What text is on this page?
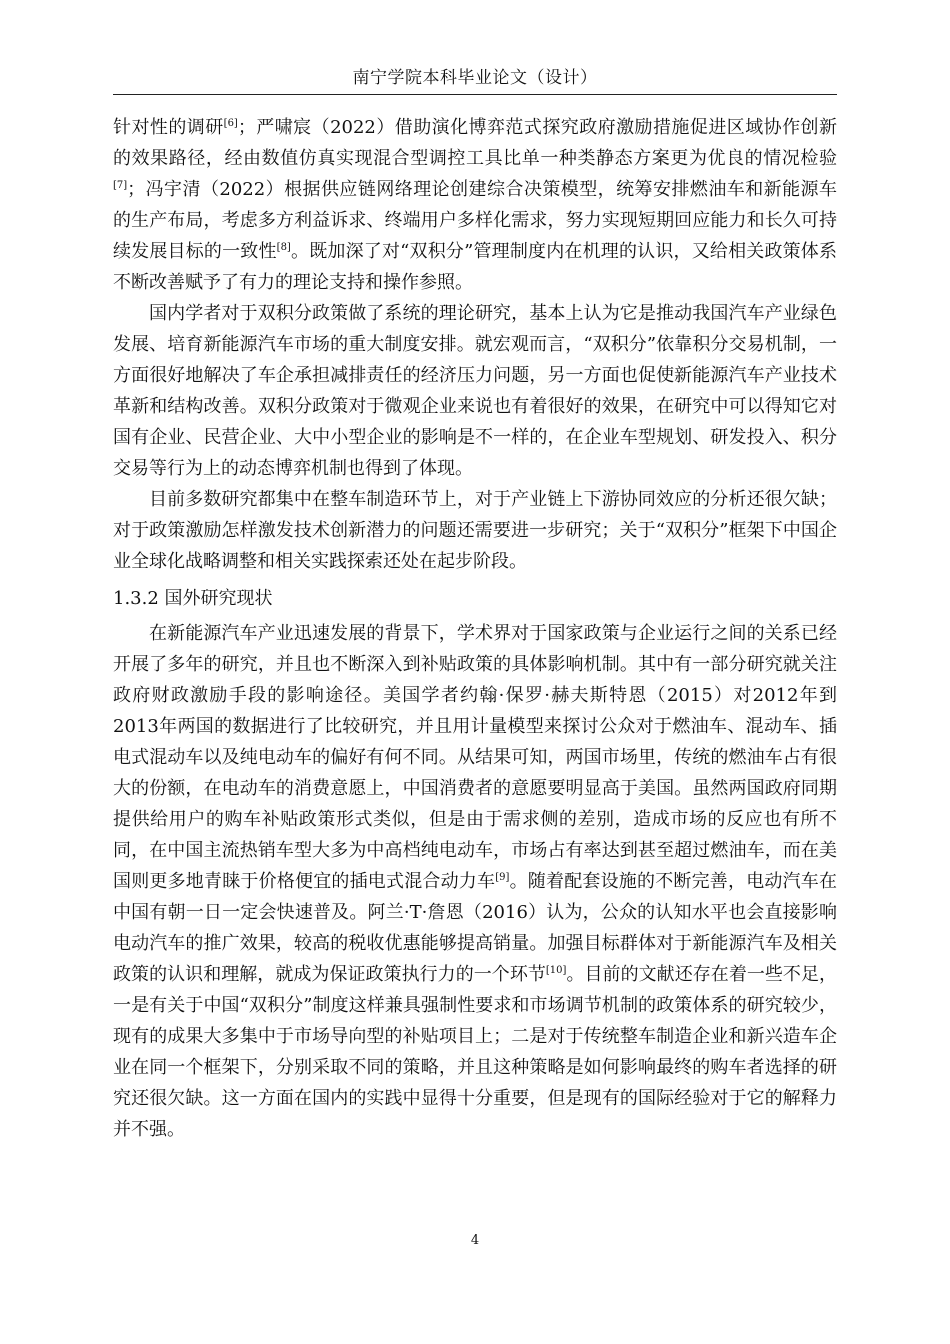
南宁学院本科毕业论文（设计）

针对性的调研[6]；严啸宸（2022）借助演化博弈范式探究政府激励措施促进区域协作创新的效果路径，经由数值仿真实现混合型调控工具比单一种类静态方案更为优良的情况检验[7]；冯宇清（2022）根据供应链网络理论创建综合决策模型，统筹安排燃油车和新能源车的生产布局，考虑多方利益诉求、终端用户多样化需求，努力实现短期回应能力和长久可持续发展目标的一致性[8]。既加深了对“双积分”管理制度内在机理的认识，又给相关政策体系不断改善赋予了有力的理论支持和操作参照。

国内学者对于双积分政策做了系统的理论研究，基本上认为它是推动我国汽车产业绿色发展、培育新能源汽车市场的重大制度安排。就宏观而言，“双积分”依靠积分交易机制，一方面很好地解决了车企承担减排责任的经济压力问题，另一方面也促使新能源汽车产业技术革新和结构改善。双积分政策对于微观企业来说也有着很好的效果，在研究中可以得知它对国有企业、民营企业、大中小型企业的影响是不一样的，在企业车型规划、研发投入、积分交易等行为上的动态博弈机制也得到了体现。

目前多数研究都集中在整车制造环节上，对于产业链上下游协同效应的分析还很欠缺；对于政策激励怎样激发技术创新潜力的问题还需要进一步研究；关于“双积分”框架下中国企业全球化战略调整和相关实践探索还处在起步阶段。

1.3.2 国外研究现状

在新能源汽车产业迅速发展的背景下，学术界对于国家政策与企业运行之间的关系已经开展了多年的研究，并且也不断深入到补贴政策的具体影响机制。其中有一部分研究就关注政府财政激励手段的影响途径。美国学者约翰·保罗·赫夫斯特恩（2015）对2012年到2013年两国的数据进行了比较研究，并且用计量模型来探讨公众对于燃油车、混动车、插电式混动车以及纯电动车的偏好有何不同。从结果可知，两国市场里，传统的燃油车占有很大的份额，在电动车的消费意愿上，中国消费者的意愿要明显高于美国。虽然两国政府同期提供给用户的购车补贴政策形式类似，但是由于需求侧的差别，造成市场的反应也有所不同，在中国主流热销车型大多为中高档纯电动车，市场占有率达到甚至超过燃油车，而在美国则更多地青睐于价格便宜的插电式混合动力车[9]。随着配套设施的不断完善，电动汽车在中国有朝一日一定会快速普及。阿兰·T·詹恩（2016）认为，公众的认知水平也会直接影响电动汽车的推广效果，较高的税收优惠能够提高销量。加强目标群体对于新能源汽车及相关政策的认识和理解，就成为保证政策执行力的一个环节[10]。目前的文献还存在着一些不足，一是有关于中国“双积分”制度这样兼具强制性要求和市场调节机制的政策体系的研究较少，现有的成果大多集中于市场导向型的补贴项目上；二是对于传统整车制造企业和新兴造车企业在同一个框架下，分别采取不同的策略，并且这种策略是如何影响最终的购车者选择的研究还很欠缺。这一方面在国内的实践中显得十分重要，但是现有的国际经验对于它的解释力并不强。

4
